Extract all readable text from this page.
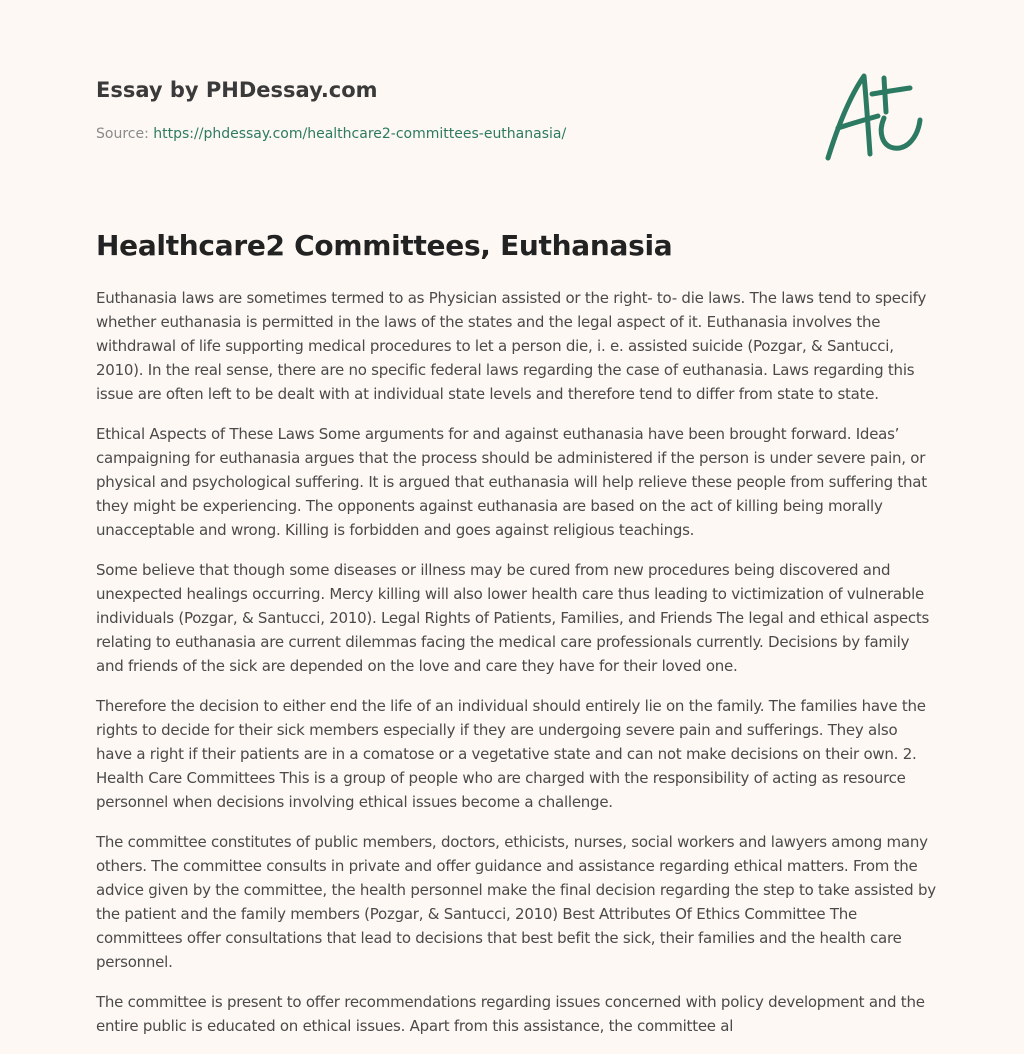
Essay by PHDessay.com
Source: https://phdessay.com/healthcare2-committees-euthanasia/
Healthcare2 Committees, Euthanasia

Euthanasia laws are sometimes termed to as Physician assisted or the right- to- die laws. The laws tend to specify whether euthanasia is permitted in the laws of the states and the legal aspect of it. Euthanasia involves the withdrawal of life supporting medical procedures to let a person die, i. e. assisted suicide (Pozgar, & Santucci, 2010). In the real sense, there are no specific federal laws regarding the case of euthanasia. Laws regarding this issue are often left to be dealt with at individual state levels and therefore tend to differ from state to state.

Ethical Aspects of These Laws Some arguments for and against euthanasia have been brought forward. Ideas’ campaigning for euthanasia argues that the process should be administered if the person is under severe pain, or physical and psychological suffering. It is argued that euthanasia will help relieve these people from suffering that they might be experiencing. The opponents against euthanasia are based on the act of killing being morally unacceptable and wrong. Killing is forbidden and goes against religious teachings.

Some believe that though some diseases or illness may be cured from new procedures being discovered and unexpected healings occurring. Mercy killing will also lower health care thus leading to victimization of vulnerable individuals (Pozgar, & Santucci, 2010). Legal Rights of Patients, Families, and Friends The legal and ethical aspects relating to euthanasia are current dilemmas facing the medical care professionals currently. Decisions by family and friends of the sick are depended on the love and care they have for their loved one.

Therefore the decision to either end the life of an individual should entirely lie on the family. The families have the rights to decide for their sick members especially if they are undergoing severe pain and sufferings. They also have a right if their patients are in a comatose or a vegetative state and can not make decisions on their own. 2. Health Care Committees This is a group of people who are charged with the responsibility of acting as resource personnel when decisions involving ethical issues become a challenge.

The committee constitutes of public members, doctors, ethicists, nurses, social workers and lawyers among many others. The committee consults in private and offer guidance and assistance regarding ethical matters. From the advice given by the committee, the health personnel make the final decision regarding the step to take assisted by the patient and the family members (Pozgar, & Santucci, 2010) Best Attributes Of Ethics Committee The committees offer consultations that lead to decisions that best befit the sick, their families and the health care personnel.

The committee is present to offer recommendations regarding issues concerned with policy development and the entire public is educated on ethical issues. Apart from this assistance, the committee al
